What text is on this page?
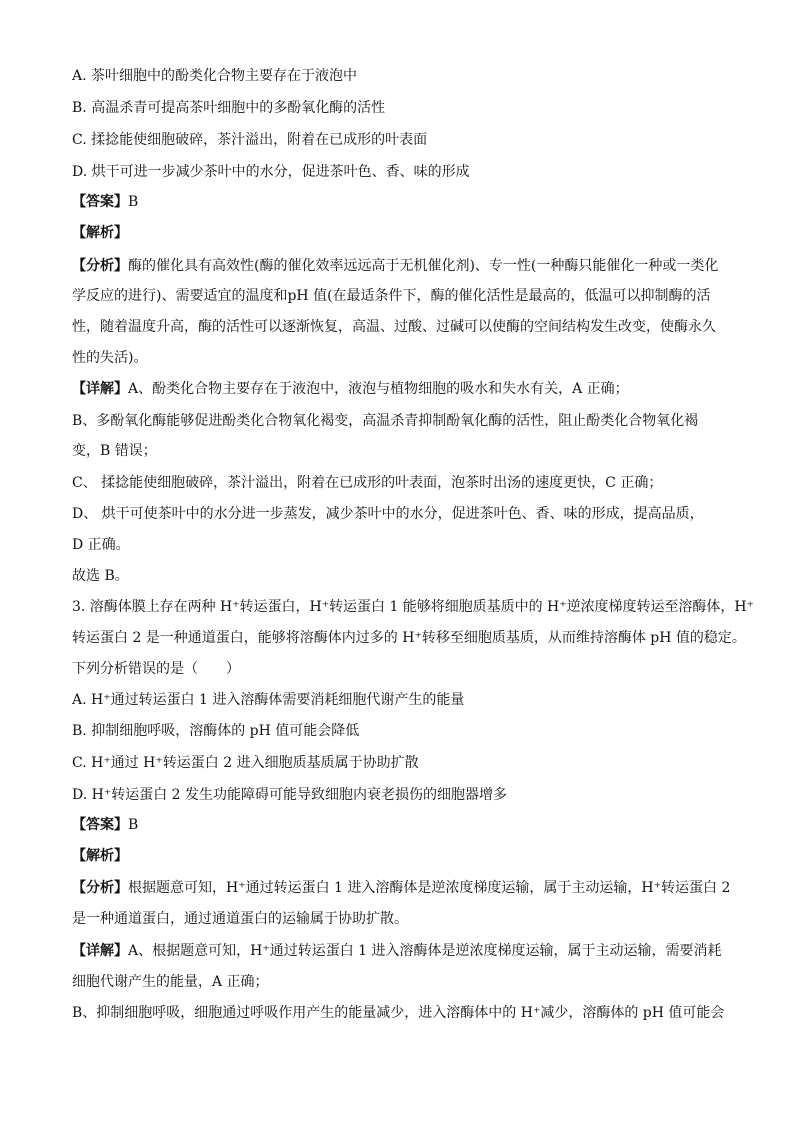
A. 茶叶细胞中的酚类化合物主要存在于液泡中
B. 高温杀青可提高茶叶细胞中的多酚氧化酶的活性
C. 揉捻能使细胞破碎，茶汁溢出，附着在已成形的叶表面
D. 烘干可进一步减少茶叶中的水分，促进茶叶色、香、味的形成
【答案】B
【解析】
【分析】酶的催化具有高效性(酶的催化效率远远高于无机催化剂)、专一性(一种酶只能催化一种或一类化
学反应的进行)、需要适宜的温度和pH 值(在最适条件下，酶的催化活性是最高的，低温可以抑制酶的活
性，随着温度升高，酶的活性可以逐渐恢复，高温、过酸、过碱可以使酶的空间结构发生改变，使酶永久
性的失活)。
【详解】A、酚类化合物主要存在于液泡中，液泡与植物细胞的吸水和失水有关，A 正确；
B、多酚氧化酶能够促进酚类化合物氧化褐变，高温杀青抑制酚氧化酶的活性，阻止酚类化合物氧化褐
变，B 错误；
C、 揉捻能使细胞破碎，茶汁溢出，附着在已成形的叶表面，泡茶时出汤的速度更快，C 正确；
D、 烘干可使茶叶中的水分进一步蒸发，减少茶叶中的水分，促进茶叶色、香、味的形成，提高品质，
D 正确。
故选 B。
3. 溶酶体膜上存在两种 H⁺转运蛋白，H⁺转运蛋白 1 能够将细胞质基质中的 H⁺逆浓度梯度转运至溶酶体，H⁺
转运蛋白 2 是一种通道蛋白，能够将溶酶体内过多的 H⁺转移至细胞质基质，从而维持溶酶体 pH 值的稳定。
下列分析错误的是（　　）
A. H⁺通过转运蛋白 1 进入溶酶体需要消耗细胞代谢产生的能量
B. 抑制细胞呼吸，溶酶体的 pH 值可能会降低
C. H⁺通过 H⁺转运蛋白 2 进入细胞质基质属于协助扩散
D. H⁺转运蛋白 2 发生功能障碍可能导致细胞内衰老损伤的细胞器增多
【答案】B
【解析】
【分析】根据题意可知，H⁺通过转运蛋白 1 进入溶酶体是逆浓度梯度运输，属于主动运输，H⁺转运蛋白 2
是一种通道蛋白，通过通道蛋白的运输属于协助扩散。
【详解】A、根据题意可知，H⁺通过转运蛋白 1 进入溶酶体是逆浓度梯度运输，属于主动运输，需要消耗
细胞代谢产生的能量，A 正确；
B、抑制细胞呼吸，细胞通过呼吸作用产生的能量减少，进入溶酶体中的 H⁺减少，溶酶体的 pH 值可能会
